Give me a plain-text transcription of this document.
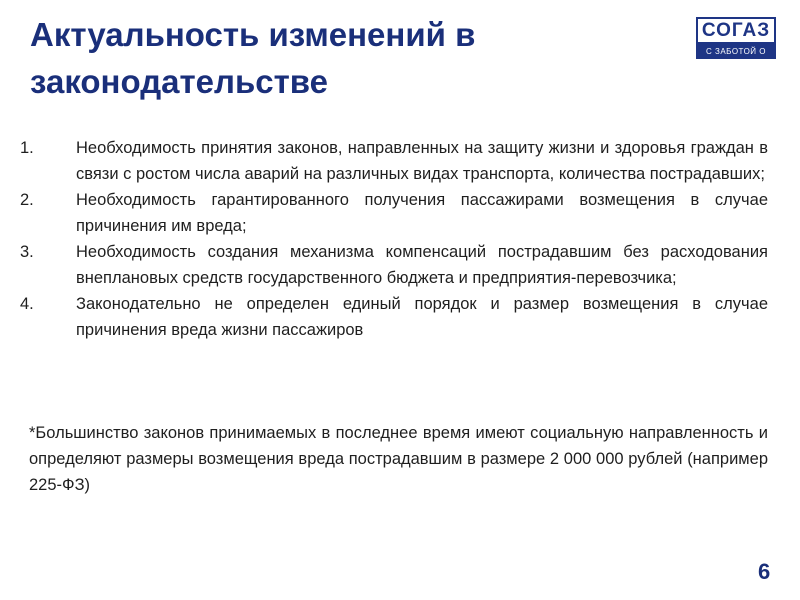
Актуальность изменений в законодательстве
СОГАЗ
С ЗАБОТОЙ О ВАС
1.	Необходимость принятия законов, направленных на защиту жизни и здоровья граждан в связи с ростом числа аварий на различных видах транспорта, количества пострадавших;
2.	Необходимость гарантированного получения пассажирами возмещения в случае причинения им вреда;
3.	Необходимость создания механизма компенсаций пострадавшим без расходования внеплановых средств государственного бюджета и предприятия-перевозчика;
4.	Законодательно не определен единый порядок и размер возмещения в случае причинения вреда жизни пассажиров

*Большинство законов принимаемых в последнее время имеют социальную направленность и определяют размеры возмещения вреда пострадавшим в размере 2 000 000 рублей (например 225-ФЗ)

6
